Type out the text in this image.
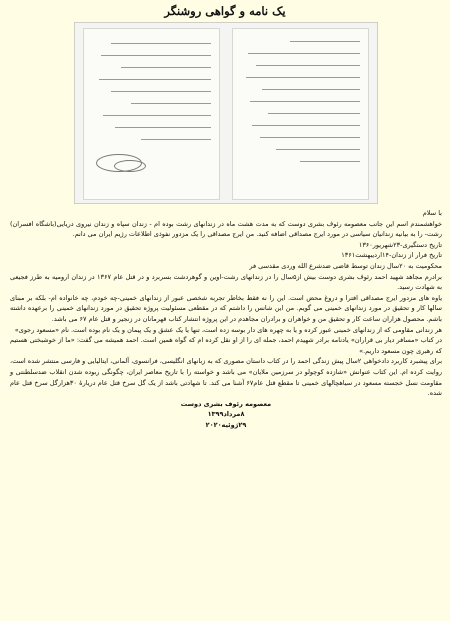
یک نامه و گواهی روشنگر

با سلام

خواهشمندم اسم این جانب معصومه رئوف بشری دوست که به مدت هشت ماه در زندانهای رشت بوده ام - زندان سپاه و زندان نیروی دریایی(باشگاه افسران) رشت- را به بیانیه زندانیان سیاسی در مورد ایرج مصداقی اضافه کنید. من ایرج مصداقی را یک مزدور نفوذی اطلاعات رژیم ایران می دانم.

تاریخ دستگیری-۲۳شهریور۱۳۶۰

تاریخ فرار از زندان-۱۴اردیبهشت۱۳۶۱

محکومیت به ۲۰سال زندان توسط قاضی ضدشرع الله وردی مقدسی فر

برادرم مجاهد شهید احمد رئوف بشری دوست بیش از۵سال را در زندانهای رشت-اوین و گوهردشت بسربرد و در قتل عام ۱۳۶۷ در زندان ارومیه به طرز فجیعی به شهادت رسید.

یاوه های مزدور ایرج مصداقی افترا و دروغ محض است. این را نه فقط بخاطر تجربه شخصی عبور از زندانهای خمینی-چه خودم، چه خانواده ام- بلکه بر مبنای سالها کار و تحقیق در مورد زندانهای خمینی می گویم. من این شانس را داشتم که در مقطعی مسئولیت پروژه تحقیق در مورد زندانهای خمینی را برعهده داشته باشم. محصول هزاران ساعت کار و تحقیق من و خواهران و برادران مجاهدم در این پروژه انتشار کتاب قهرمانان در زنجیر و قتل عام ۶۷ می باشد.

هر زندانی مقاومی که از زندانهای خمینی عبور کرده و یا به چهره های دار بوسه زده است، تنها یا یک عشق و یک پیمان و یک نام بوده است. نام «مسعود رجوی»

در کتاب «مسافر دیار بی قراران» یادنامه برادر شهیدم احمد، جمله ای را از او نقل کرده ام که گواه همین است. احمد همیشه می گفت: «ما از خوشبختی هستیم که رهبری چون مسعود داریم.»

برای پیشبرد کاربرد دادخواهی ۲سال پیش زندگی احمد را در کتاب داستان مصوری که به زبانهای انگلیسی، فرانسوی، آلمانی، ایتالیایی و فارسی منتشر شده است، روایت کرده ام. این کتاب عنوانش «شازده کوچولو در سرزمین ملایان» می باشد و خواسته را با تاریخ معاصر ایران، چگونگی ربوده شدن انقلاب ضدسلطنتی و مقاومت نسل خجسته مسعود در سیاهچالهای خمینی تا مقطع قتل عام۶۷ آشنا می کند. تا شهادتی باشد از یک گل سرخ قتل عام دریارهٔ ۳۰هزارگل سرخ قتل عام شده.

معصومه رئوف بشری دوست

۸مرداد۱۳۹۹

۲۹ژوئیه۲۰۲۰
